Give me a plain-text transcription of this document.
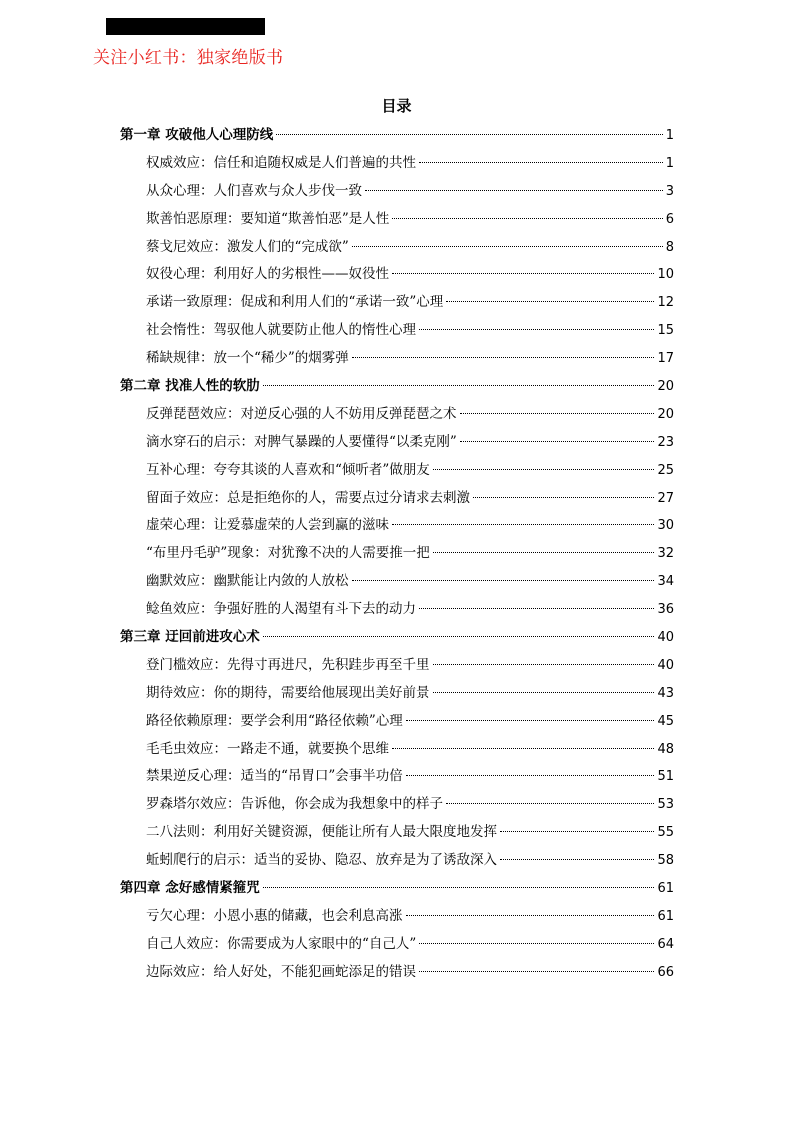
关注小红书：独家绝版书
目录
第一章 攻破他人心理防线	1
权威效应：信任和追随权威是人们普遍的共性	1
从众心理：人们喜欢与众人步伐一致	3
欺善怕恶原理：要知道“欺善怕恶”是人性	6
蔡戈尼效应：激发人们的“完成欲”	8
奴役心理：利用好人的劣根性——奴役性	10
承诺一致原理：促成和利用人们的“承诺一致”心理	12
社会惰性：驾驭他人就要防止他人的惰性心理	15
稀缺规律：放一个“稀少”的烟雾弹	17
第二章 找准人性的软肋	20
反弹琵琶效应：对逆反心强的人不妨用反弹琵琶之术	20
滴水穿石的启示：对脾气暴躁的人要懂得“以柔克刚”	23
互补心理：夸夸其谈的人喜欢和“倾听者”做朋友	25
留面子效应：总是拒绝你的人，需要点过分请求去刺激	27
虚荣心理：让爱慕虚荣的人尝到赢的滋味	30
“布里丹毛驴”现象：对犹豫不决的人需要推一把	32
幽默效应：幽默能让内敛的人放松	34
鲶鱼效应：争强好胜的人渴望有斗下去的动力	36
第三章 迂回前进攻心术	40
登门槛效应：先得寸再进尺，先积跬步再至千里	40
期待效应：你的期待，需要给他展现出美好前景	43
路径依赖原理：要学会利用“路径依赖”心理	45
毛毛虫效应：一路走不通，就要换个思维	48
禁果逆反心理：适当的“吊胃口”会事半功倍	51
罗森塔尔效应：告诉他，你会成为我想象中的样子	53
二八法则：利用好关键资源，便能让所有人最大限度地发挥	55
蚯蚓爬行的启示：适当的妥协、隐忍、放弃是为了诱敌深入	58
第四章 念好感情紧箍咒	61
亏欠心理：小恩小惠的储藏，也会利息高涨	61
自己人效应：你需要成为人家眼中的“自己人”	64
边际效应：给人好处，不能犯画蛇添足的错误	66
